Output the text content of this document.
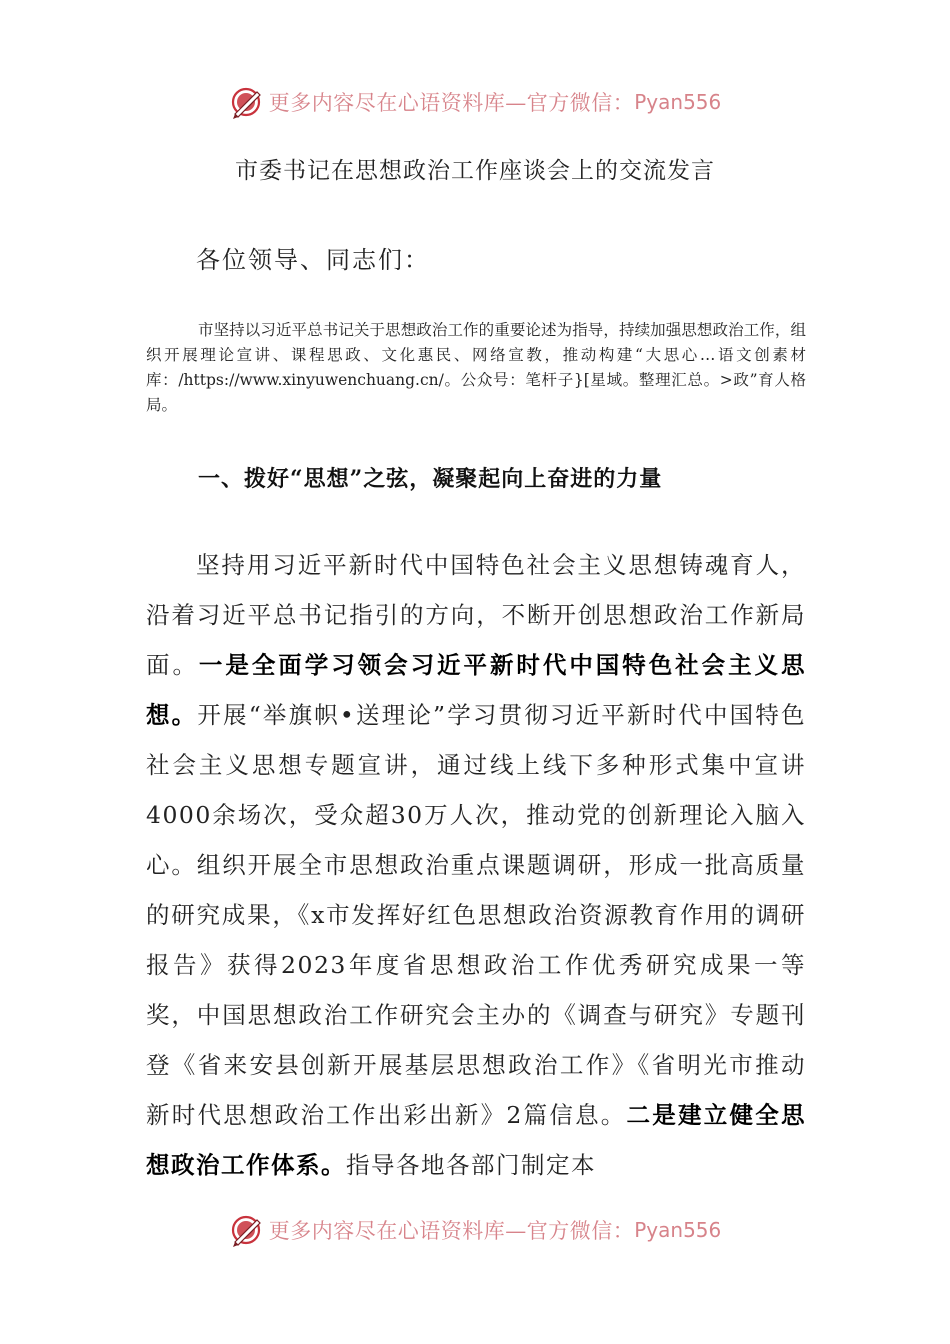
更多内容尽在心语资料库—官方微信： Pyan556
市委书记在思想政治工作座谈会上的交流发言
各位领导、同志们：
市坚持以习近平总书记关于思想政治工作的重要论述为指导，持续加强思想政治工作，组织开展理论宣讲、课程思政、文化惠民、网络宣教，推动构建“大思心…语文创素材库：/https://www.xinyuwenchuang.cn/。公众号：笔杆子}[星域。整理汇总。>政”育人格局。
一、拨好“思想”之弦，凝聚起向上奋进的力量
坚持用习近平新时代中国特色社会主义思想铸魂育人，沿着习近平总书记指引的方向，不断开创思想政治工作新局面。一是全面学习领会习近平新时代中国特色社会主义思想。开展“举旗帜•送理论”学习贯彻习近平新时代中国特色社会主义思想专题宣讲，通过线上线下多种形式集中宣讲4000余场次，受众超30万人次，推动党的创新理论入脑入心。组织开展全市思想政治重点课题调研，形成一批高质量的研究成果，《x市发挥好红色思想政治资源教育作用的调研报告》获得2023年度省思想政治工作优秀研究成果一等奖，中国思想政治工作研究会主办的《调查与研究》专题刊登《省来安县创新开展基层思想政治工作》《省明光市推动新时代思想政治工作出彩出新》2篇信息。二是建立健全思想政治工作体系。指导各地各部门制定本
更多内容尽在心语资料库—官方微信： Pyan556
